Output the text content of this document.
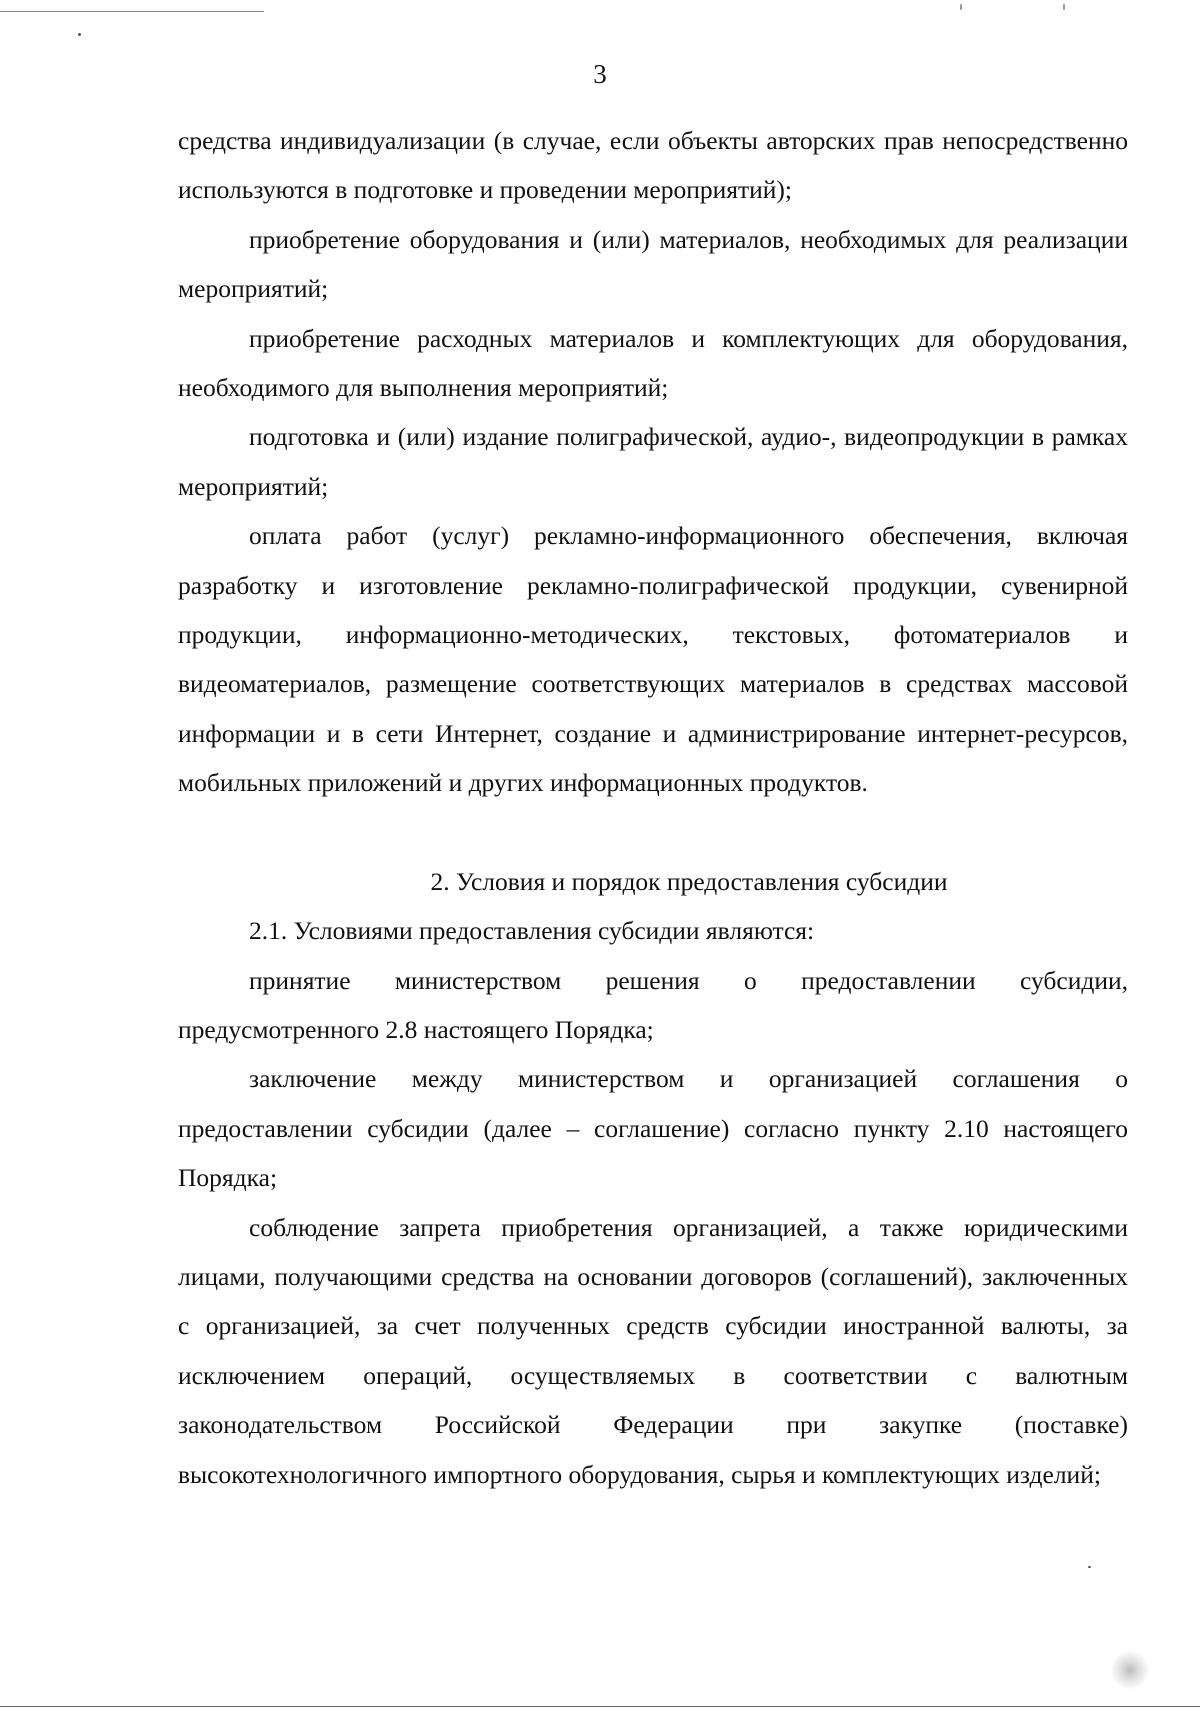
3

средства индивидуализации (в случае, если объекты авторских прав непосредственно используются в подготовке и проведении мероприятий);

приобретение оборудования и (или) материалов, необходимых для реализации мероприятий;

приобретение расходных материалов и комплектующих для оборудования, необходимого для выполнения мероприятий;

подготовка и (или) издание полиграфической, аудио-, видеопродукции в рамках мероприятий;

оплата работ (услуг) рекламно-информационного обеспечения, включая разработку и изготовление рекламно-полиграфической продукции, сувенирной продукции, информационно-методических, текстовых, фотоматериалов и видеоматериалов, размещение соответствующих материалов в средствах массовой информации и в сети Интернет, создание и администрирование интернет-ресурсов, мобильных приложений и других информационных продуктов.

2. Условия и порядок предоставления субсидии

2.1. Условиями предоставления субсидии являются:

принятие министерством решения о предоставлении субсидии, предусмотренного 2.8 настоящего Порядка;

заключение между министерством и организацией соглашения о предоставлении субсидии (далее – соглашение) согласно пункту 2.10 настоящего Порядка;

соблюдение запрета приобретения организацией, а также юридическими лицами, получающими средства на основании договоров (соглашений), заключенных с организацией, за счет полученных средств субсидии иностранной валюты, за исключением операций, осуществляемых в соответствии с валютным законодательством Российской Федерации при закупке (поставке) высокотехнологичного импортного оборудования, сырья и комплектующих изделий;
